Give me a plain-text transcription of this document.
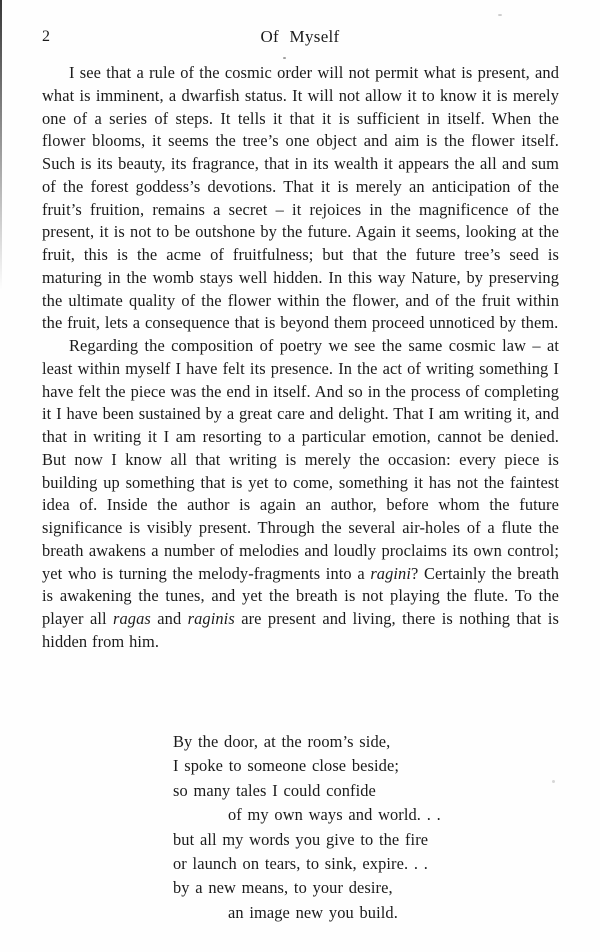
2	Of Myself

I see that a rule of the cosmic order will not permit what is present, and what is imminent, a dwarfish status. It will not allow it to know it is merely one of a series of steps. It tells it that it is sufficient in itself. When the flower blooms, it seems the tree’s one object and aim is the flower itself. Such is its beauty, its fragrance, that in its wealth it appears the all and sum of the forest goddess’s devotions. That it is merely an anticipation of the fruit’s fruition, remains a secret – it rejoices in the magnificence of the present, it is not to be outshone by the future. Again it seems, looking at the fruit, this is the acme of fruitfulness; but that the future tree’s seed is maturing in the womb stays well hidden. In this way Nature, by preserving the ultimate quality of the flower within the flower, and of the fruit within the fruit, lets a consequence that is beyond them proceed unnoticed by them.

Regarding the composition of poetry we see the same cosmic law – at least within myself I have felt its presence. In the act of writing something I have felt the piece was the end in itself. And so in the process of completing it I have been sustained by a great care and delight. That I am writing it, and that in writing it I am resorting to a particular emotion, cannot be denied. But now I know all that writing is merely the occasion: every piece is building up something that is yet to come, something it has not the faintest idea of. Inside the author is again an author, before whom the future significance is visibly present. Through the several air-holes of a flute the breath awakens a number of melodies and loudly proclaims its own control; yet who is turning the melody-fragments into a ragini? Certainly the breath is awakening the tunes, and yet the breath is not playing the flute. To the player all ragas and raginis are present and living, there is nothing that is hidden from him.

By the door, at the room’s side,
I spoke to someone close beside;
so many tales I could confide
of my own ways and world. . .
but all my words you give to the fire
or launch on tears, to sink, expire. . .
by a new means, to your desire,
an image new you build.
